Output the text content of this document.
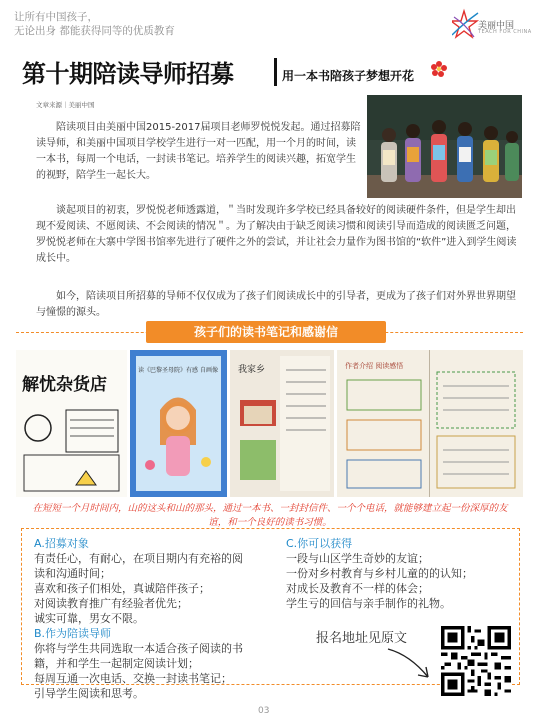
让所有中国孩子，
无论出身 都能获得同等的优质教育	美丽中国
TEACH FOR CHINA
第十期陪读导师招募	用一本书陪孩子梦想开花
文章来源｜美丽中国
陪读项目由美丽中国2015-2017届项目老师罗悦悦发起。通过招募陪读导师，和美丽中国项目学校学生进行一对一匹配，用一个月的时间，读一本书，每周一个电话，一封读书笔记。培养学生的阅读兴趣，拓宽学生的视野，陪学生一起长大。
谈起项目的初衷，罗悦悦老师透露道，＂当时发现许多学校已经具备较好的阅读硬件条件，但是学生却出现不爱阅读、不愿阅读、不会阅读的情况＂。为了解决由于缺乏阅读习惯和阅读引导而造成的阅读匮乏问题，罗悦悦老师在大寨中学图书馆率先进行了硬件之外的尝试，并让社会力量作为图书馆的“软件”进入到学生阅读成长中。
如今，陪读项目所招募的导师不仅仅成为了孩子们阅读成长中的引导者，更成为了孩子们对外界世界期望与憧憬的源头。
孩子们的读书笔记和感谢信
解忧杂货店
读《巴黎圣母院》有感 自画像 我家乡	作者介绍 阅读感悟
在短短一个月时间内，山的这头和山的那头，通过一本书、一封封信件、一个个电话，就能够建立起一份深厚的友谊，和一个良好的读书习惯。
A.招募对象
有责任心，有耐心，在项目期内有充裕的阅
读和沟通时间；
喜欢和孩子们相处，真诚陪伴孩子；
对阅读教育推广有经验者优先；
诚实可靠，男女不限。
B.作为陪读导师
你将与学生共同选取一本适合孩子阅读的书
籍，并和学生一起制定阅读计划；
每周互通一次电话、交换一封读书笔记；
引导学生阅读和思考。
C.你可以获得
一段与山区学生奇妙的友谊；
一份对乡村教育与乡村儿童的的认知；
对成长及教育不一样的体会；
学生亏的回信与亲手制作的礼物。
报名地址见原文
03
